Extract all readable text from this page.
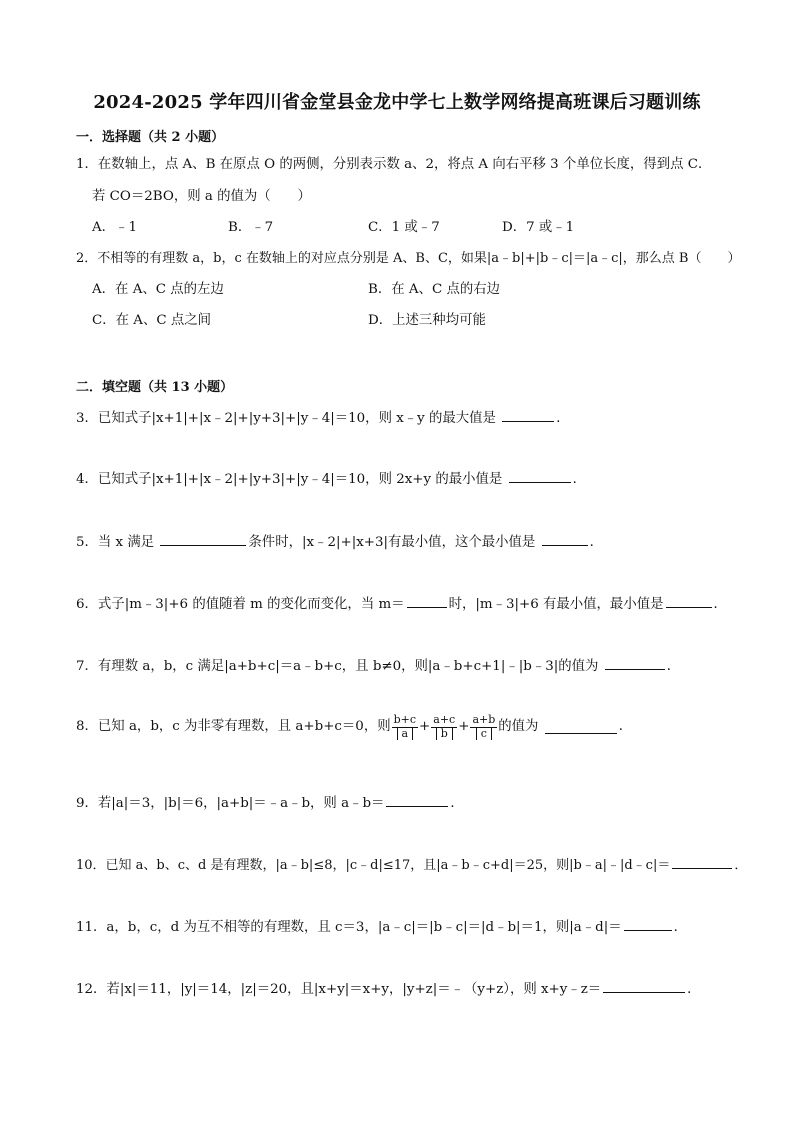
2024-2025 学年四川省金堂县金龙中学七上数学网络提高班课后习题训练
一．选择题（共 2 小题）
1．在数轴上，点 A、B 在原点 O 的两侧，分别表示数 a、2，将点 A 向右平移 3 个单位长度，得到点 C．
若 CO＝2BO，则 a 的值为（　　）
A．﹣1	B．﹣7	C．1 或﹣7	D．7 或﹣1
2．不相等的有理数 a，b，c 在数轴上的对应点分别是 A、B、C，如果|a﹣b|+|b﹣c|＝|a﹣c|，那么点 B（　　）
A．在 A、C 点的左边	B．在 A、C 点的右边
C．在 A、C 点之间	D．上述三种均可能
二．填空题（共 13 小题）
3．已知式子|x+1|+|x﹣2|+|y+3|+|y﹣4|＝10，则 x﹣y 的最大值是	．
4．已知式子|x+1|+|x﹣2|+|y+3|+|y﹣4|＝10，则 2x+y 的最小值是	．
5．当 x 满足	条件时，|x﹣2|+|x+3|有最小值，这个最小值是	．
6．式子|m﹣3|+6 的值随着 m 的变化而变化，当 m＝	时，|m﹣3|+6 有最小值，最小值是	．
7．有理数 a，b，c 满足|a+b+c|＝a﹣b+c，且 b≠0，则|a﹣b+c+1|﹣|b﹣3|的值为	．
8．已知 a，b，c 为非零有理数，且 a+b+c＝0，则 $\frac{b+c}{a} + \frac{a+c}{b} + \frac{a+b}{c}$ 的值为	．
9．若|a|＝3，|b|＝6，|a+b|＝﹣a﹣b，则 a﹣b＝	．
10．已知 a、b、c、d 是有理数，|a﹣b|≤8，|c﹣d|≤17，且|a﹣b﹣c+d|＝25，则|b﹣a|﹣|d﹣c|＝	．
11．a，b，c，d 为互不相等的有理数，且 c＝3，|a﹣c|＝|b﹣c|＝|d﹣b|＝1，则|a﹣d|＝	．
12．若|x|＝11，|y|＝14，|z|＝20，且|x+y|＝x+y，|y+z|＝﹣（y+z），则 x+y﹣z＝	．
